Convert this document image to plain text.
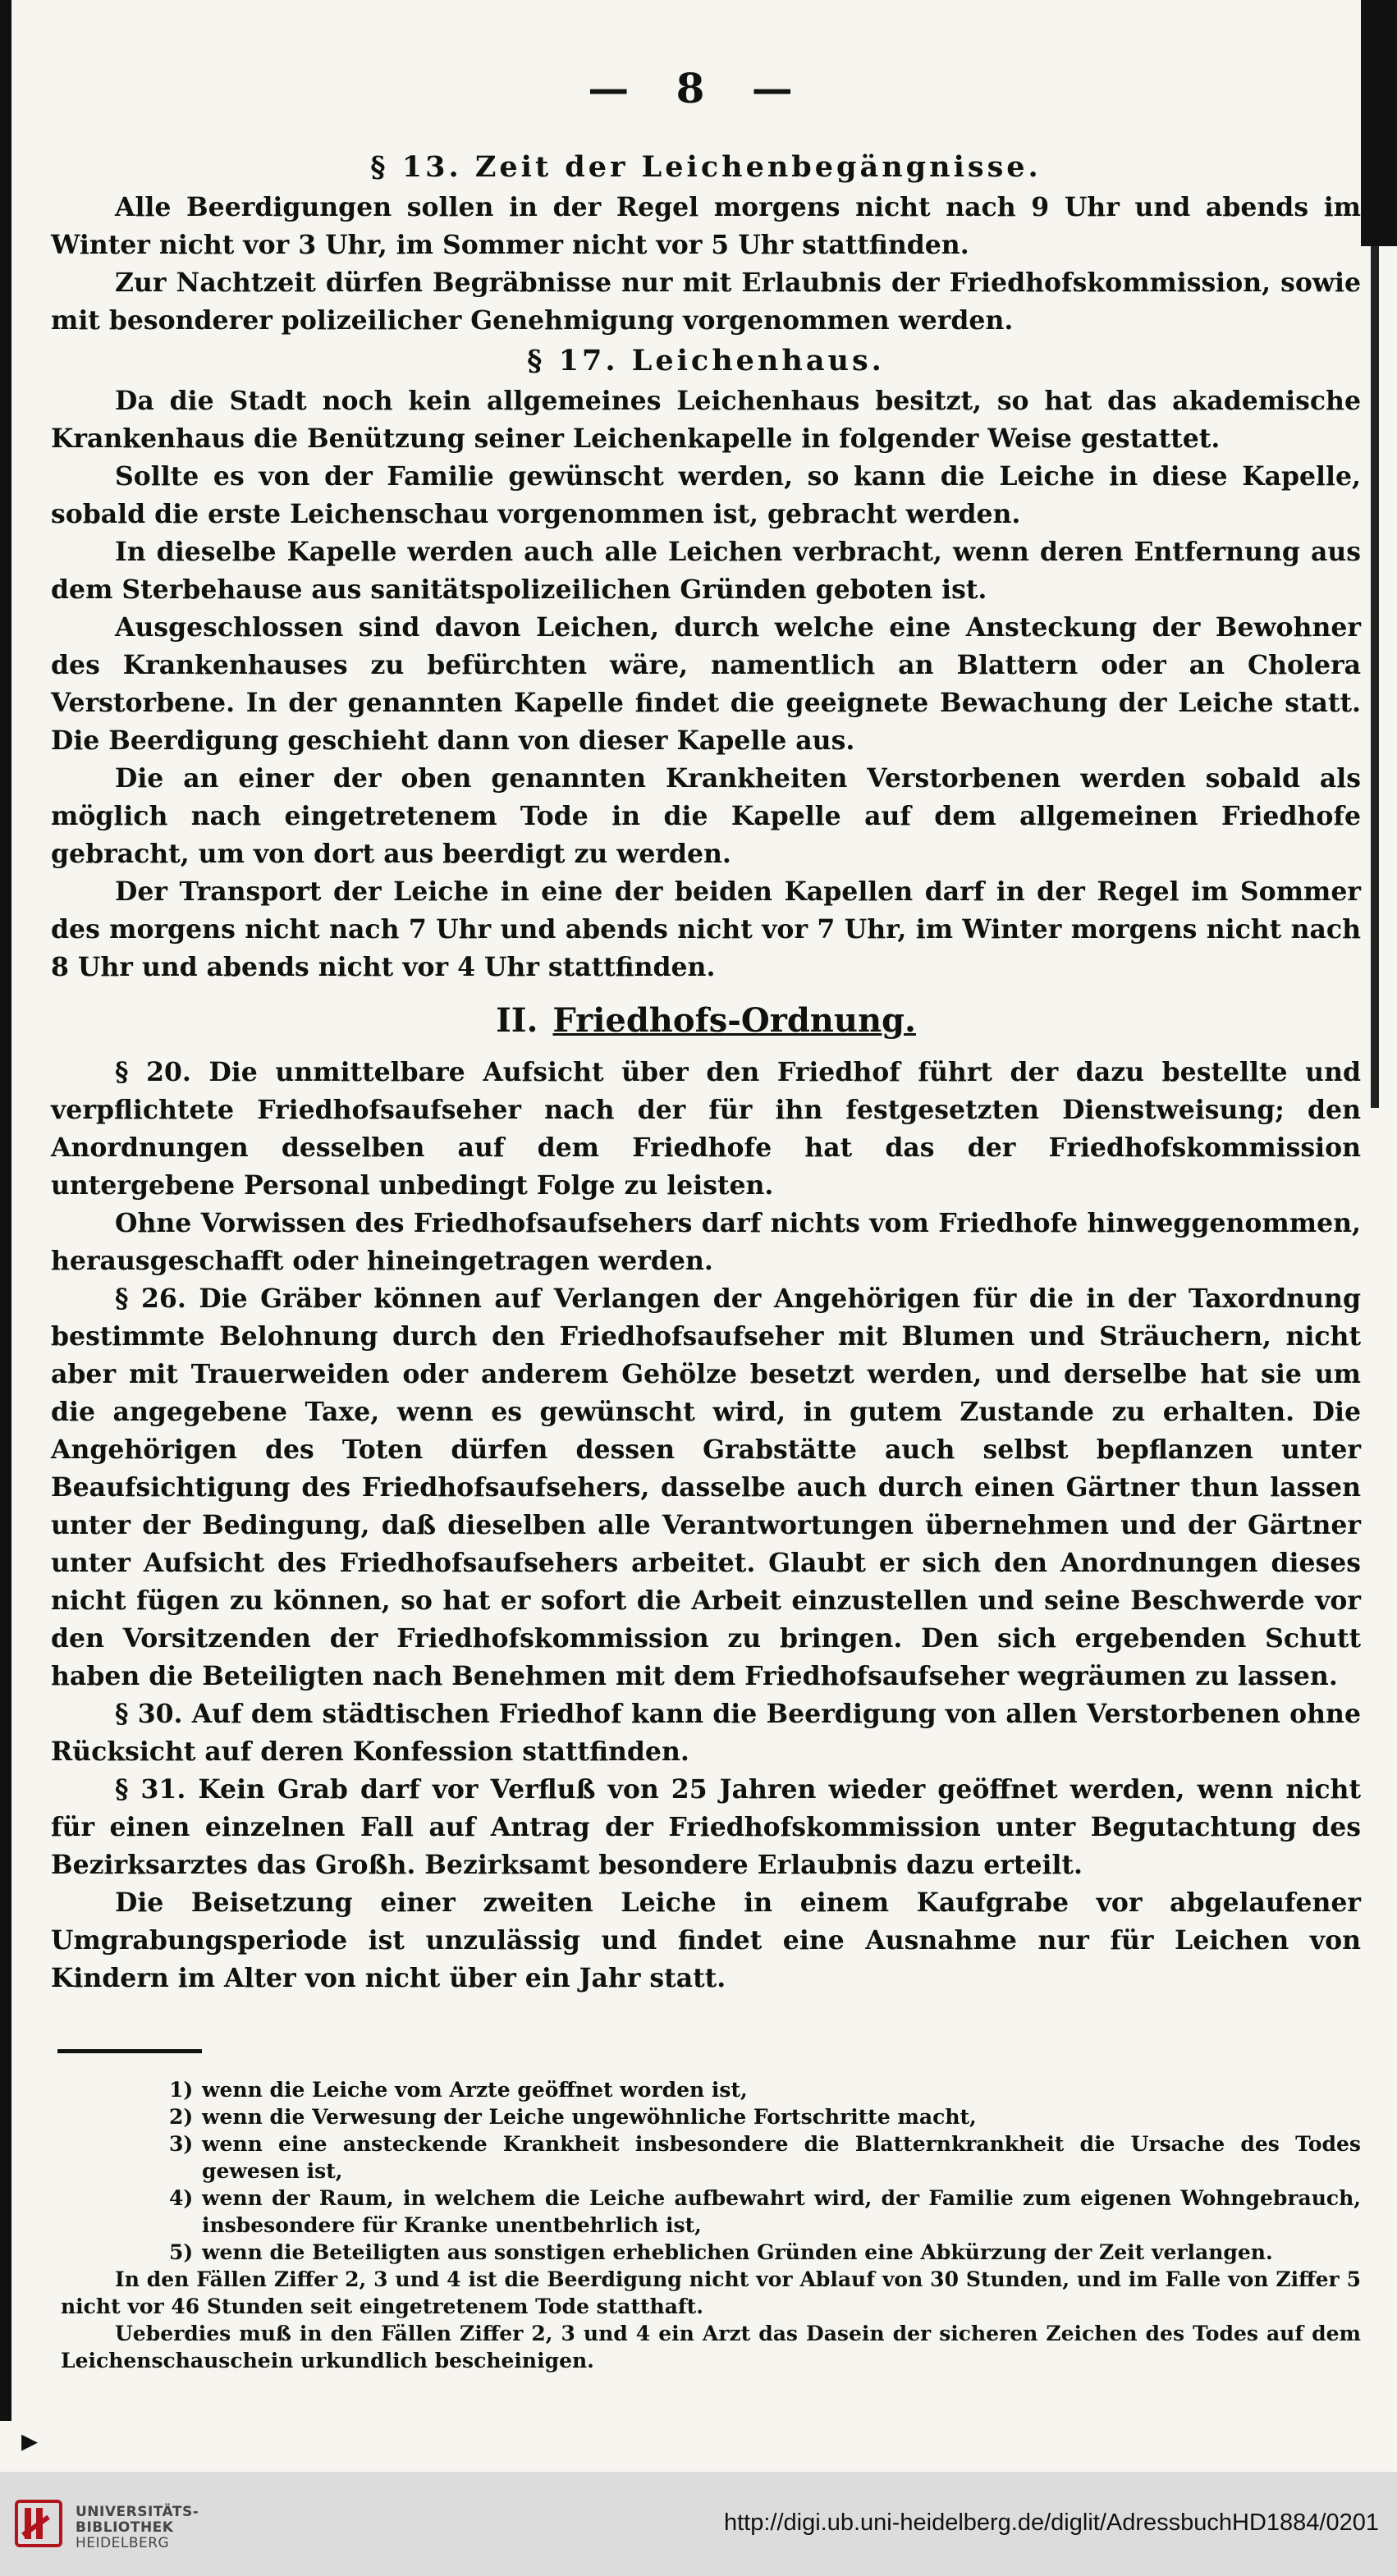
— 8 —
§ 13. Zeit der Leichenbegängnisse.

Alle Beerdigungen sollen in der Regel morgens nicht nach 9 Uhr und abends im Winter nicht vor 3 Uhr, im Sommer nicht vor 5 Uhr stattfinden.

Zur Nachtzeit dürfen Begräbnisse nur mit Erlaubnis der Friedhofskommission, sowie mit besonderer polizeilicher Genehmigung vorgenommen werden.

§ 17. Leichenhaus.

Da die Stadt noch kein allgemeines Leichenhaus besitzt, so hat das akademische Krankenhaus die Benützung seiner Leichenkapelle in folgender Weise gestattet.

Sollte es von der Familie gewünscht werden, so kann die Leiche in diese Kapelle, sobald die erste Leichenschau vorgenommen ist, gebracht werden.

In dieselbe Kapelle werden auch alle Leichen verbracht, wenn deren Entfernung aus dem Sterbehause aus sanitätspolizeilichen Gründen geboten ist.

Ausgeschlossen sind davon Leichen, durch welche eine Ansteckung der Bewohner des Krankenhauses zu befürchten wäre, namentlich an Blattern oder an Cholera Verstorbene. In der genannten Kapelle findet die geeignete Bewachung der Leiche statt. Die Beerdigung geschieht dann von dieser Kapelle aus.

Die an einer der oben genannten Krankheiten Verstorbenen werden sobald als möglich nach eingetretenem Tode in die Kapelle auf dem allgemeinen Friedhofe gebracht, um von dort aus beerdigt zu werden.

Der Transport der Leiche in eine der beiden Kapellen darf in der Regel im Sommer des morgens nicht nach 7 Uhr und abends nicht vor 7 Uhr, im Winter morgens nicht nach 8 Uhr und abends nicht vor 4 Uhr stattfinden.

II. Friedhofs-Ordnung.

§ 20. Die unmittelbare Aufsicht über den Friedhof führt der dazu bestellte und verpflichtete Friedhofsaufseher nach der für ihn festgesetzten Dienstweisung; den Anordnungen desselben auf dem Friedhofe hat das der Friedhofskommission untergebene Personal unbedingt Folge zu leisten.

Ohne Vorwissen des Friedhofsaufsehers darf nichts vom Friedhofe hinweggenommen, herausgeschafft oder hineingetragen werden.

§ 26. Die Gräber können auf Verlangen der Angehörigen für die in der Taxordnung bestimmte Belohnung durch den Friedhofsaufseher mit Blumen und Sträuchern, nicht aber mit Trauerweiden oder anderem Gehölze besetzt werden, und derselbe hat sie um die angegebene Taxe, wenn es gewünscht wird, in gutem Zustande zu erhalten. Die Angehörigen des Toten dürfen dessen Grabstätte auch selbst bepflanzen unter Beaufsichtigung des Friedhofsaufsehers, dasselbe auch durch einen Gärtner thun lassen unter der Bedingung, daß dieselben alle Verantwortungen übernehmen und der Gärtner unter Aufsicht des Friedhofsaufsehers arbeitet. Glaubt er sich den Anordnungen dieses nicht fügen zu können, so hat er sofort die Arbeit einzustellen und seine Beschwerde vor den Vorsitzenden der Friedhofskommission zu bringen. Den sich ergebenden Schutt haben die Beteiligten nach Benehmen mit dem Friedhofsaufseher wegräumen zu lassen.

§ 30. Auf dem städtischen Friedhof kann die Beerdigung von allen Verstorbenen ohne Rücksicht auf deren Konfession stattfinden.

§ 31. Kein Grab darf vor Verfluß von 25 Jahren wieder geöffnet werden, wenn nicht für einen einzelnen Fall auf Antrag der Friedhofskommission unter Begutachtung des Bezirksarztes das Großh. Bezirksamt besondere Erlaubnis dazu erteilt.

Die Beisetzung einer zweiten Leiche in einem Kaufgrabe vor abgelaufener Umgrabungsperiode ist unzulässig und findet eine Ausnahme nur für Leichen von Kindern im Alter von nicht über ein Jahr statt.

1) wenn die Leiche vom Arzte geöffnet worden ist,
2) wenn die Verwesung der Leiche ungewöhnliche Fortschritte macht,
3) wenn eine ansteckende Krankheit insbesondere die Blatternkrankheit die Ursache des Todes gewesen ist,
4) wenn der Raum, in welchem die Leiche aufbewahrt wird, der Familie zum eigenen Wohngebrauch, insbesondere für Kranke unentbehrlich ist,
5) wenn die Beteiligten aus sonstigen erheblichen Gründen eine Abkürzung der Zeit verlangen.

In den Fällen Ziffer 2, 3 und 4 ist die Beerdigung nicht vor Ablauf von 30 Stunden, und im Falle von Ziffer 5 nicht vor 46 Stunden seit eingetretenem Tode statthaft.

Ueberdies muß in den Fällen Ziffer 2, 3 und 4 ein Arzt das Dasein der sicheren Zeichen des Todes auf dem Leichenschauschein urkundlich bescheinigen.

▸
UNIVERSITÄTS-
BIBLIOTHEK
HEIDELBERG
http://digi.ub.uni-heidelberg.de/diglit/AdressbuchHD1884/0201
